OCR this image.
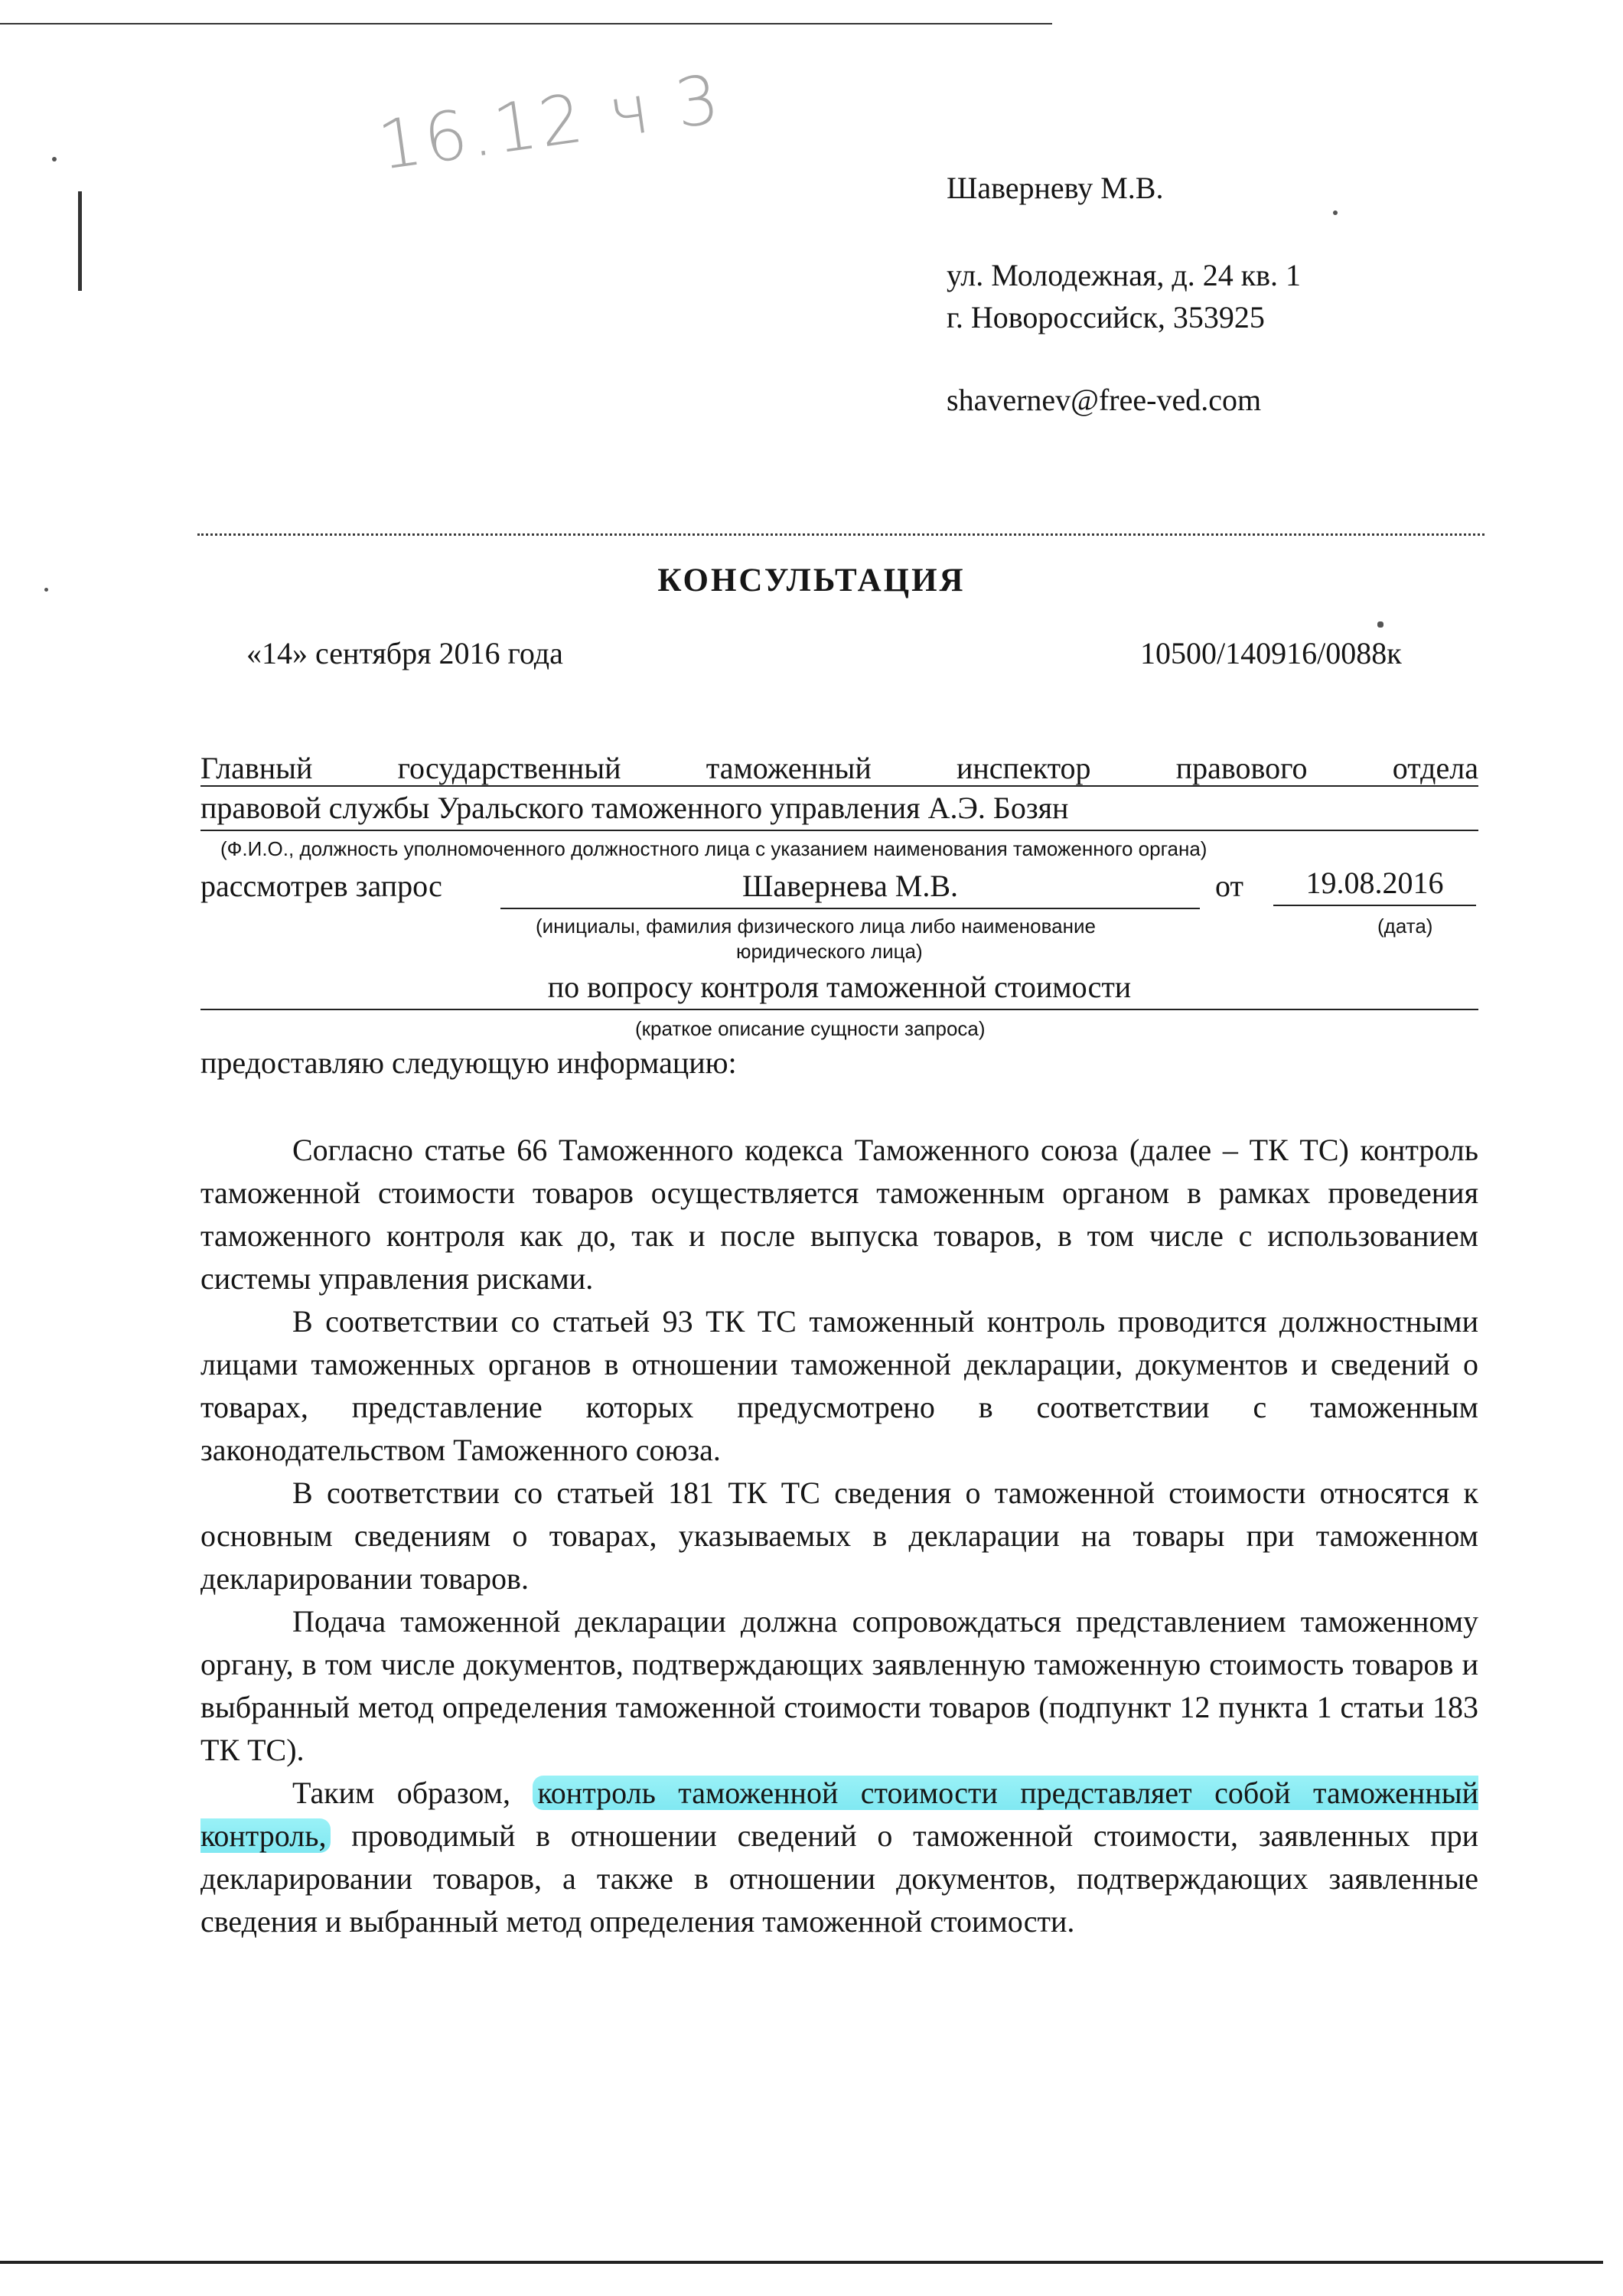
16.12 ч 3
Шаверневу М.В.
ул. Молодежная, д. 24 кв. 1
г. Новороссийск, 353925
shavernev@free-ved.com
КОНСУЛЬТАЦИЯ
«14» сентября 2016 года	10500/140916/0088к
Главный государственный таможенный инспектор правового отдела
правовой службы Уральского таможенного управления А.Э. Бозян
(Ф.И.О., должность уполномоченного должностного лица с указанием наименования таможенного органа)
рассмотрев запрос	Шавернева М.В.	от	19.08.2016
(инициалы, фамилия физического лица либо наименование
юридического лица)
(дата)
по вопросу контроля таможенной стоимости
(краткое описание сущности запроса)
предоставляю следующую информацию:

Согласно статье 66 Таможенного кодекса Таможенного союза (далее – ТК ТС) контроль таможенной стоимости товаров осуществляется таможенным органом в рамках проведения таможенного контроля как до, так и после выпуска товаров, в том числе с использованием системы управления рисками.

В соответствии со статьей 93 ТК ТС таможенный контроль проводится должностными лицами таможенных органов в отношении таможенной декларации, документов и сведений о товарах, представление которых предусмотрено в соответствии с таможенным законодательством Таможенного союза.

В соответствии со статьей 181 ТК ТС сведения о таможенной стоимости относятся к основным сведениям о товарах, указываемых в декларации на товары при таможенном декларировании товаров.

Подача таможенной декларации должна сопровождаться представлением таможенному органу, в том числе документов, подтверждающих заявленную таможенную стоимость товаров и выбранный метод определения таможенной стоимости товаров (подпункт 12 пункта 1 статьи 183 ТК ТС).

Таким образом, контроль таможенной стоимости представляет собой таможенный контроль, проводимый в отношении сведений о таможенной стоимости, заявленных при декларировании товаров, а также в отношении документов, подтверждающих заявленные сведения и выбранный метод определения таможенной стоимости.
